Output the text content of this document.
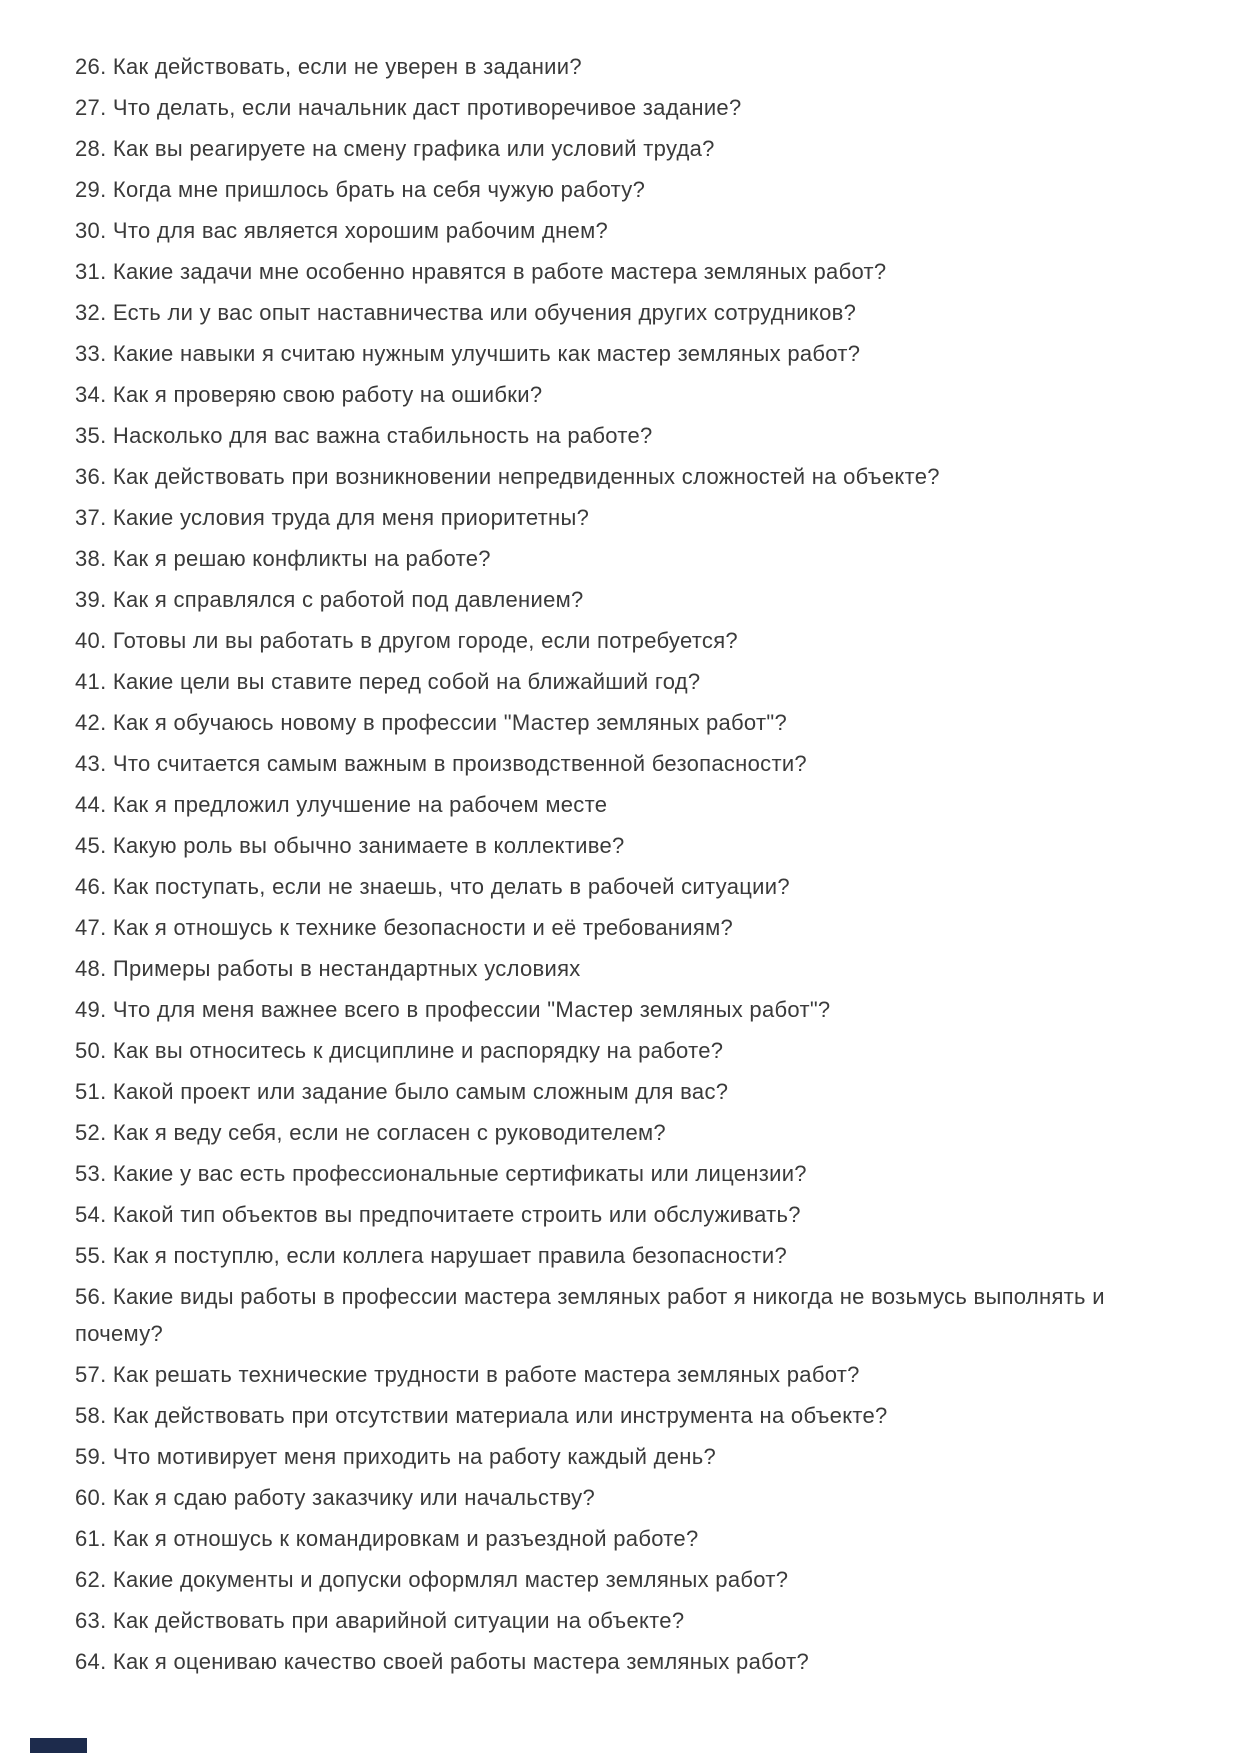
26. Как действовать, если не уверен в задании?

27. Что делать, если начальник даст противоречивое задание?

28. Как вы реагируете на смену графика или условий труда?

29. Когда мне пришлось брать на себя чужую работу?

30. Что для вас является хорошим рабочим днем?

31. Какие задачи мне особенно нравятся в работе мастера земляных работ?

32. Есть ли у вас опыт наставничества или обучения других сотрудников?

33. Какие навыки я считаю нужным улучшить как мастер земляных работ?

34. Как я проверяю свою работу на ошибки?

35. Насколько для вас важна стабильность на работе?

36. Как действовать при возникновении непредвиденных сложностей на объекте?

37. Какие условия труда для меня приоритетны?

38. Как я решаю конфликты на работе?

39. Как я справлялся с работой под давлением?

40. Готовы ли вы работать в другом городе, если потребуется?

41. Какие цели вы ставите перед собой на ближайший год?

42. Как я обучаюсь новому в профессии "Мастер земляных работ"?

43. Что считается самым важным в производственной безопасности?

44. Как я предложил улучшение на рабочем месте

45. Какую роль вы обычно занимаете в коллективе?

46. Как поступать, если не знаешь, что делать в рабочей ситуации?

47. Как я отношусь к технике безопасности и её требованиям?

48. Примеры работы в нестандартных условиях

49. Что для меня важнее всего в профессии "Мастер земляных работ"?

50. Как вы относитесь к дисциплине и распорядку на работе?

51. Какой проект или задание было самым сложным для вас?

52. Как я веду себя, если не согласен с руководителем?

53. Какие у вас есть профессиональные сертификаты или лицензии?

54. Какой тип объектов вы предпочитаете строить или обслуживать?

55. Как я поступлю, если коллега нарушает правила безопасности?

56. Какие виды работы в профессии мастера земляных работ я никогда не возьмусь выполнять и почему?

57. Как решать технические трудности в работе мастера земляных работ?

58. Как действовать при отсутствии материала или инструмента на объекте?

59. Что мотивирует меня приходить на работу каждый день?

60. Как я сдаю работу заказчику или начальству?

61. Как я отношусь к командировкам и разъездной работе?

62. Какие документы и допуски оформлял мастер земляных работ?

63. Как действовать при аварийной ситуации на объекте?

64. Как я оцениваю качество своей работы мастера земляных работ?
